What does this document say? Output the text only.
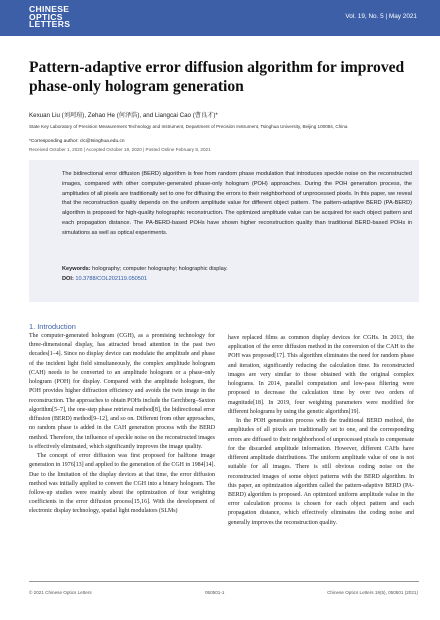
CHINESE
OPTICS
LETTERS
Vol. 19, No. 5 | May 2021
Pattern-adaptive error diffusion algorithm for improved
phase-only hologram generation
Kexuan Liu (刘珂瑄), Zehao He (何泽浩), and Liangcai Cao (曹良才)*
State Key Laboratory of Precision Measurement Technology and Instrument, Department of Precision Instrument, Tsinghua University, Beijing 100084, China
*Corresponding author: clc@tsinghua.edu.cn
Received October 1, 2020 | Accepted October 19, 2020 | Posted Online February 8, 2021
The bidirectional error diffusion (BERD) algorithm is free from random phase modulation that introduces speckle noise on the reconstructed images, compared with other computer-generated phase-only hologram (POH) approaches. During the POH generation process, the amplitudes of all pixels are traditionally set to one for diffusing the errors to their neighborhood of unprocessed pixels. In this paper, we reveal that the reconstruction quality depends on the uniform amplitude value for different object pattern. The pattern-adaptive BERD (PA-BERD) algorithm is proposed for high-quality holographic reconstruction. The optimized amplitude value can be acquired for each object pattern and each propagation distance. The PA-BERD-based POHs have shown higher reconstruction quality than traditional BERD-based POHs in simulations as well as optical experiments.
Keywords: holography; computer holography; holographic display.
DOI: 10.3788/COL202119.050501
1. Introduction

The computer-generated hologram (CGH), as a promising technology for three-dimensional display, has attracted broad attention in the past two decades[1–4]. Since no display device can modulate the amplitude and phase of the incident light field simultaneously, the complex amplitude hologram (CAH) needs to be converted to an amplitude hologram or a phase-only hologram (POH) for display. Compared with the amplitude hologram, the POH provides higher diffraction efficiency and avoids the twin image in the reconstruction. The approaches to obtain POHs include the Gerchberg–Saxton algorithm[5–7], the one-step phase retrieval method[8], the bidirectional error diffusion (BERD) method[9–12], and so on. Different from other approaches, no random phase is added in the CAH generation process with the BERD method. Therefore, the influence of speckle noise on the reconstructed images is effectively eliminated, which significantly improves the image quality.

The concept of error diffusion was first proposed for halftone image generation in 1976[13] and applied to the generation of the CGH in 1984[14]. Due to the limitation of the display devices at that time, the error diffusion method was initially applied to convert the CGH into a binary hologram. The follow-up studies were mainly about the optimization of four weighting coefficients in the error diffusion process[15,16]. With the development of electronic display technology, spatial light modulators (SLMs)

have replaced films as common display devices for CGHs. In 2013, the application of the error diffusion method in the conversion of the CAH to the POH was proposed[17]. This algorithm eliminates the need for random phase and iteration, significantly reducing the calculation time. Its reconstructed images are very similar to those obtained with the original complex holograms. In 2014, parallel computation and low-pass filtering were proposed to decrease the calculation time by over two orders of magnitude[18]. In 2019, four weighting parameters were modified for different holograms by using the genetic algorithm[19].

In the POH generation process with the traditional BERD method, the amplitudes of all pixels are traditionally set to one, and the corresponding errors are diffused to their neighborhood of unprocessed pixels to compensate for the discarded amplitude information. However, different CAHs have different amplitude distributions. The uniform amplitude value of one is not suitable for all images. There is still obvious coding noise on the reconstructed images of some object patterns with the BERD algorithm. In this paper, an optimization algorithm called the pattern-adaptive BERD (PA-BERD) algorithm is proposed. An optimized uniform amplitude value in the error calculation process is chosen for each object pattern and each propagation distance, which effectively eliminates the coding noise and generally improves the reconstruction quality.

© 2021 Chinese Optics Letters	050501-1	Chinese Optics Letters 19(5), 050501 (2021)
